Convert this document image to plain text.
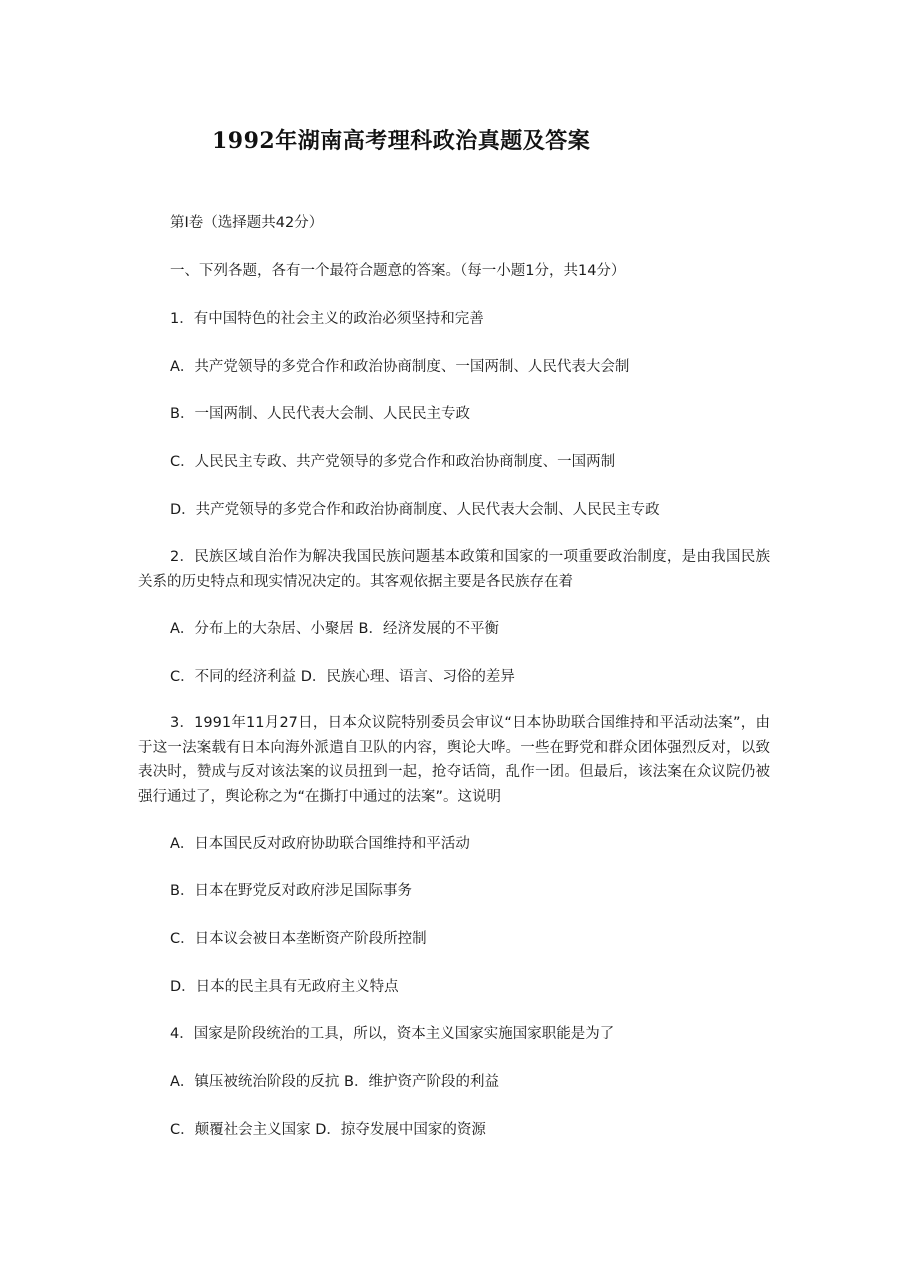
1992年湖南高考理科政治真题及答案
第I卷（选择题共42分）
一、下列各题，各有一个最符合题意的答案。（每一小题1分，共14分）
1．有中国特色的社会主义的政治必须坚持和完善
A．共产党领导的多党合作和政治协商制度、一国两制、人民代表大会制
B．一国两制、人民代表大会制、人民民主专政
C．人民民主专政、共产党领导的多党合作和政治协商制度、一国两制
D．共产党领导的多党合作和政治协商制度、人民代表大会制、人民民主专政
2．民族区域自治作为解决我国民族问题基本政策和国家的一项重要政治制度，是由我国民族关系的历史特点和现实情况决定的。其客观依据主要是各民族存在着
A．分布上的大杂居、小聚居 B．经济发展的不平衡
C．不同的经济利益 D．民族心理、语言、习俗的差异
3．1991年11月27日，日本众议院特别委员会审议“日本协助联合国维持和平活动法案”，由于这一法案载有日本向海外派遣自卫队的内容，舆论大哗。一些在野党和群众团体强烈反对，以致表决时，赞成与反对该法案的议员扭到一起，抢夺话筒，乱作一团。但最后，该法案在众议院仍被强行通过了，舆论称之为“在撕打中通过的法案”。这说明
A．日本国民反对政府协助联合国维持和平活动
B．日本在野党反对政府涉足国际事务
C．日本议会被日本垄断资产阶段所控制
D．日本的民主具有无政府主义特点
4．国家是阶段统治的工具，所以，资本主义国家实施国家职能是为了
A．镇压被统治阶段的反抗 B．维护资产阶段的利益
C．颠覆社会主义国家 D．掠夺发展中国家的资源
